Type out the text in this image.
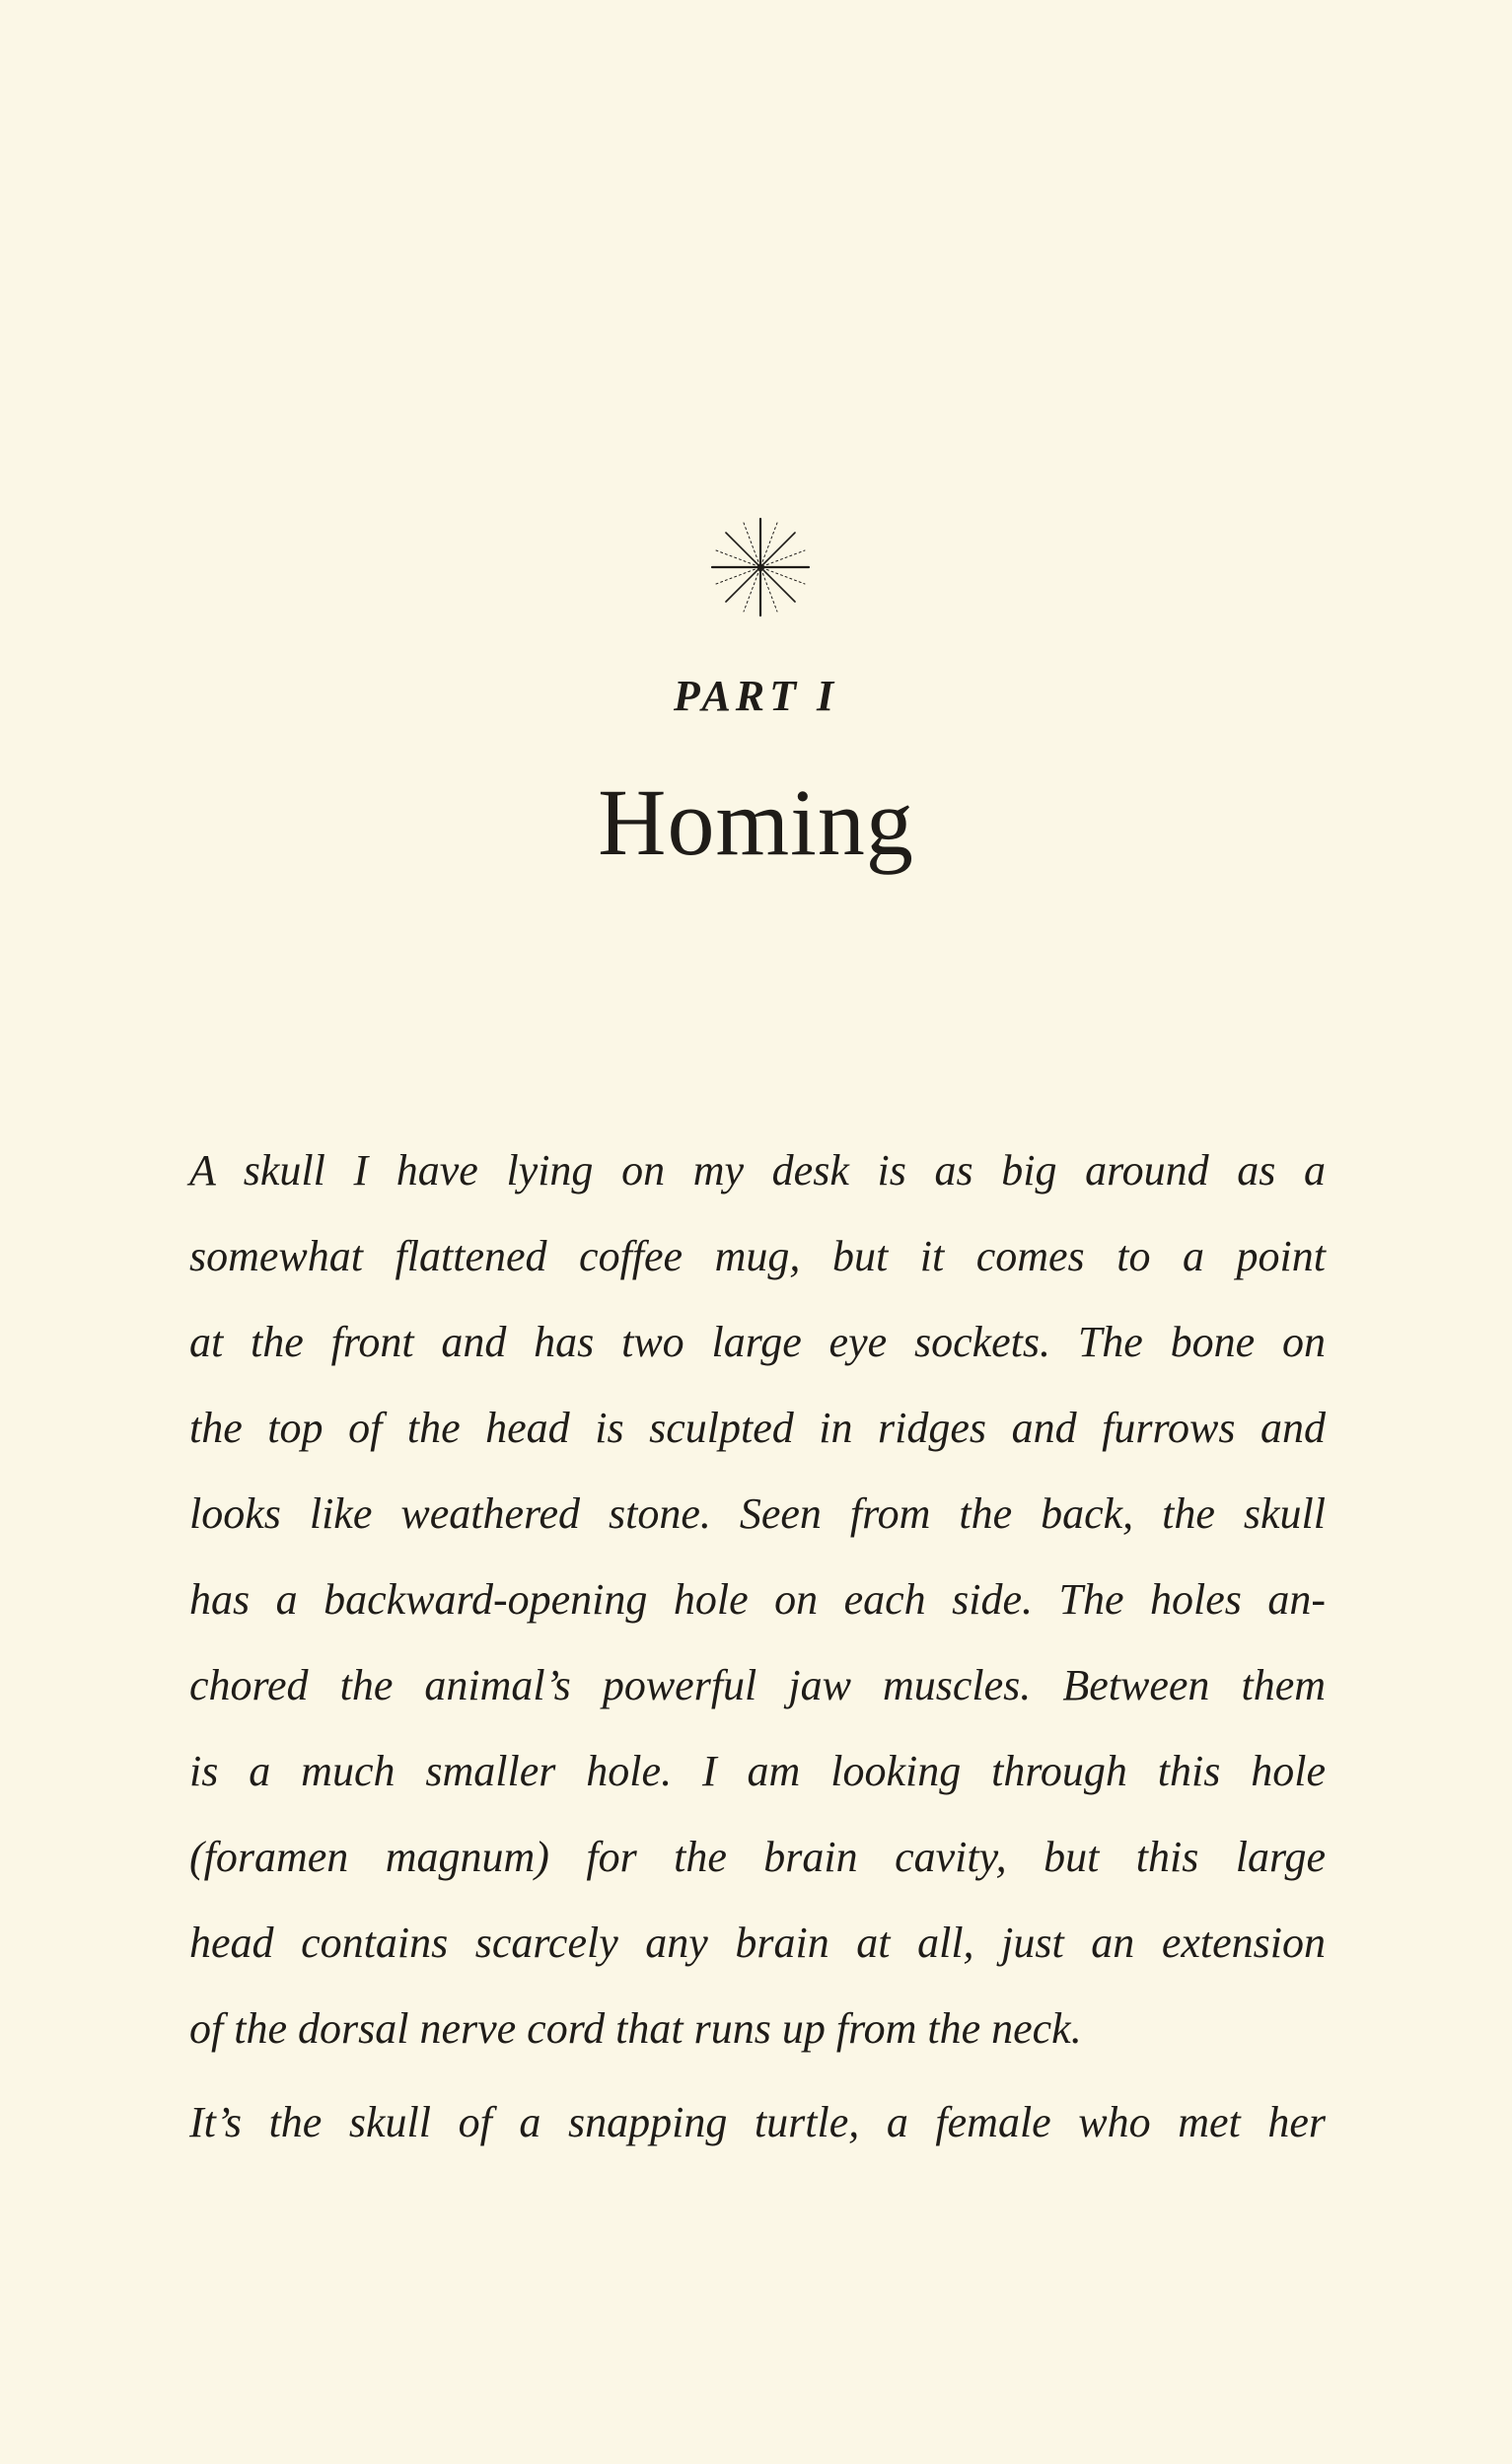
PART I
Homing

A skull I have lying on my desk is as big around as a
somewhat flattened coffee mug, but it comes to a point
at the front and has two large eye sockets. The bone on
the top of the head is sculpted in ridges and furrows and
looks like weathered stone. Seen from the back, the skull
has a backward-opening hole on each side. The holes an-
chored the animal’s powerful jaw muscles. Between them
is a much smaller hole. I am looking through this hole
(foramen magnum) for the brain cavity, but this large
head contains scarcely any brain at all, just an extension
of the dorsal nerve cord that runs up from the neck.

It’s the skull of a snapping turtle, a female who met her
